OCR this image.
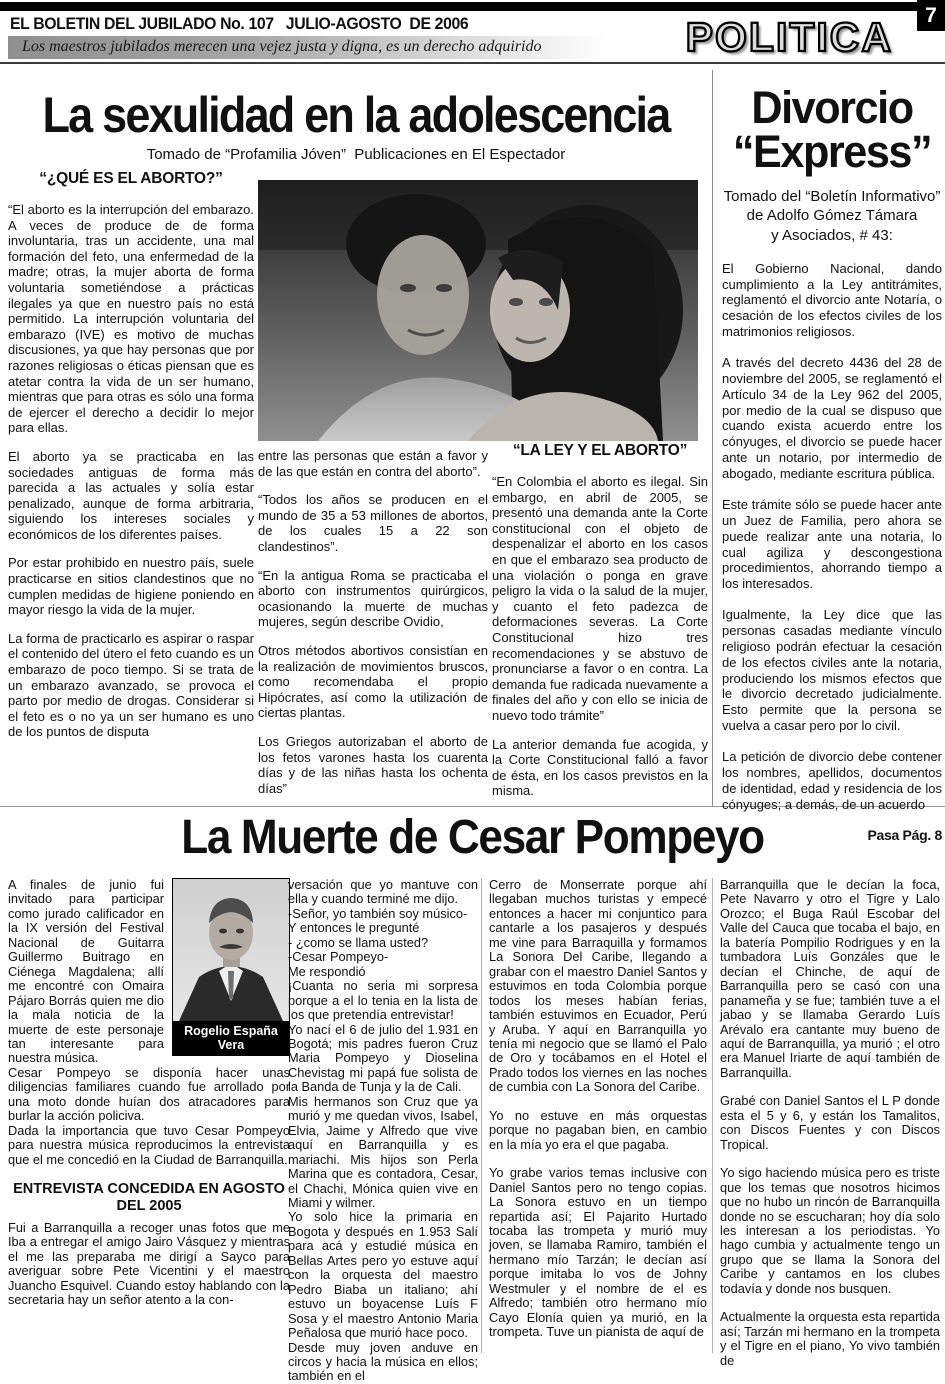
7
EL BOLETIN DEL JUBILADO No. 107   JULIO-AGOSTO  DE 2006
Los maestros jubilados merecen una vejez justa y digna, es un derecho adquirido	POLITICA
La sexulidad en la adolescencia
Tomado de “Profamilia Jóven”  Publicaciones en El Espectador
“¿QUÉ ES EL ABORTO?”

“El aborto es la interrupción del embarazo. A veces de produce de de forma involuntaria, tras un accidente, una mal formación del feto, una enfermedad de la madre; otras, la mujer aborta de forma voluntaria sometiéndose a prácticas ilegales ya que en nuestro país no está permitido. La interrupción voluntaria del embarazo (IVE) es motivo de muchas discusiones, ya que hay personas que por razones religiosas o éticas piensan que es atetar contra la vida de un ser humano, mientras que para otras es sólo una forma de ejercer el derecho a decidir lo mejor para ellas.

El aborto ya se practicaba en las sociedades antiguas de forma más parecida a las actuales y solía estar penalizado, aunque de forma arbitraria, siguiendo los intereses sociales y económicos de los diferentes países.

Por estar prohibido en nuestro país, suele practicarse en sitios clandestinos que no cumplen medidas de higiene poniendo en mayor riesgo la vida de la mujer.

La forma de practicarlo es aspirar o raspar el contenido del útero el feto cuando es un embarazo de poco tiempo. Si se trata de un embarazo avanzado, se provoca el parto por medio de drogas. Considerar si el feto es o no ya un ser humano es uno de los puntos de disputa

entre las personas que están a favor y de las que están en contra del aborto”.

“Todos los años se producen en el mundo de 35 a 53 millones de abortos, de los cuales 15 a 22 son clandestinos”.

“En la antigua Roma se practicaba el aborto con instrumentos quirúrgicos, ocasionando la muerte de muchas mujeres, según describe Ovidio,

Otros métodos abortivos consistían en la realización de movimientos bruscos, como recomendaba el propio Hipócrates, así como la utilización de ciertas plantas.

Los Griegos autorizaban el aborto de los fetos varones hasta los cuarenta días y de las niñas hasta los ochenta días”

“LA LEY Y EL ABORTO”

“En Colombia el aborto es ilegal. Sin embargo, en abril de 2005, se presentó una demanda ante la Corte constitucional con el objeto de despenalizar el aborto en los casos en que el embarazo sea producto de una violación o ponga en grave peligro la vida o la salud de la mujer, y cuanto el feto padezca de deformaciones severas. La Corte Constitucional hizo tres recomendaciones y se abstuvo de pronunciarse a favor o en contra. La demanda fue radicada nuevamente a finales del año y con ello se inicia de nuevo todo trámite”

La anterior demanda fue acogida, y la Corte Constitucional falló a favor de ésta, en los casos previstos en la misma.

Divorcio
“Express”
Tomado del “Boletín Informativo”
de Adolfo Gómez Támara
y Asociados, # 43:

El Gobierno Nacional, dando cumplimiento a la Ley antitrámites, reglamentó el divorcio ante Notaría, o cesación de los efectos civiles de los matrimonios religiosos.

A través del decreto 4436 del 28 de noviembre del 2005, se reglamentó el Artículo 34 de la Ley 962 del 2005, por medio de la cual se dispuso que cuando exista acuerdo entre los cónyuges, el divorcio se puede hacer ante un notario, por intermedio de abogado, mediante escritura pública.

Este trámite sólo se puede hacer ante un Juez de Familia, pero ahora se puede realizar ante una notaria, lo cual agiliza y descongestiona procedimientos, ahorrando tiempo a los interesados.

Igualmente, la Ley dice que las personas casadas mediante vínculo religioso podrán efectuar la cesación de los efectos civiles ante la notaria, produciendo los mismos efectos que le divorcio decretado judicialmente. Esto permite que la persona se vuelva a casar pero por lo civil.

La petición de divorcio debe contener los nombres, apellidos, documentos de identidad, edad y residencia de los cónyuges; a demás, de un acuerdo

Pasa Pág. 8
La Muerte de Cesar Pompeyo
Rogelio España Vera

A finales de junio fui invitado para participar como jurado calificador en la IX versión del Festival Nacional de Guitarra Guillermo Buitrago en Ciénega Magdalena; allí me encontré con Omaira Pájaro Borrás quien me dio la mala noticia de la muerte de este personaje tan interesante para nuestra música.

Cesar Pompeyo se disponía hacer unas diligencias familiares cuando fue arrollado por una moto donde huían dos atracadores para burlar la acción policiva.

Dada la importancia que tuvo Cesar Pompeyo para nuestra música reproducimos la entrevista que el me concedió en la Ciudad de Barranquilla.

ENTREVISTA CONCEDIDA EN AGOSTO DEL 2005

Fui a Barranquilla a recoger unas fotos que me Iba a entregar el amigo Jairo Vásquez y mientras el me las preparaba me dirigí a Sayco para averiguar sobre Pete Vicentini y el maestro Juancho Esquivel. Cuando estoy hablando con la secretaria hay un señor atento a la con-

versación que yo mantuve con ella y cuando terminé me dijo.

-Señor, yo también soy músico-

Y entonces le pregunté

- ¿como se llama usted?

-Cesar Pompeyo-

Me respondió

¡Cuanta no seria mi sorpresa porque a el lo tenia en la lista de los que pretendía entrevistar!

Yo nací el 6 de julio del 1.931 en Bogotá; mis padres fueron Cruz Maria Pompeyo y Dioselina Chevistag mi papá fue solista de la Banda de Tunja y la de Cali.

Mis hermanos son Cruz que ya murió y me quedan vivos, Isabel, Elvia, Jaime y Alfredo que vive aquí en Barranquilla y es mariachi. Mis hijos son Perla Marina que es contadora, Cesar, el Chachi, Mónica quien vive en Miami y wilmer.

Yo solo hice la primaria en Bogota y después en 1.953 Salí para acá y estudié música en Bellas Artes pero yo estuve aquí con la orquesta del maestro Pedro Biaba un italiano; ahí estuvo un boyacense Luís F Sosa y el maestro Antonio Maria Peñalosa que murió hace poco.

Desde muy joven anduve en circos y hacia la música en ellos; también en el

Cerro de Monserrate porque ahí llegaban muchos turistas y empecé entonces a hacer mi conjuntico para cantarle a los pasajeros y después me vine para Barraquilla y formamos La Sonora Del Caribe, llegando a grabar con el maestro Daniel Santos y estuvimos en toda Colombia porque todos los meses habían ferias, también estuvimos en Ecuador, Perú y Aruba. Y aquí en Barranquilla yo tenía mi negocio que se llamó el Palo de Oro y tocábamos en el Hotel el Prado todos los viernes en las noches de cumbia con La Sonora del Caribe.

Yo no estuve en más orquestas porque no pagaban bien, en cambio en la mía yo era el que pagaba.

Yo grabe varios temas inclusive con Daniel Santos pero no tengo copias. La Sonora estuvo en un tiempo repartida así; El Pajarito Hurtado tocaba las trompeta y murió muy joven, se llamaba Ramiro, también el hermano mío Tarzán; le decían así porque imitaba lo vos de Johny Westmuler y el nombre de el es Alfredo; también otro hermano mío Cayo Elonía quien ya murió, en la trompeta. Tuve un pianista de aquí de

Barranquilla que le decían la foca, Pete Navarro y otro el Tigre y Lalo Orozco; el Buga Raúl Escobar del Valle del Cauca que tocaba el bajo, en la batería Pompilio Rodrigues y en la tumbadora Luís Gonzáles que le decían el Chinche, de aquí de Barranquilla pero se casó con una panameña y se fue; también tuve a el jabao y se llamaba Gerardo Luís Arévalo era cantante muy bueno de aquí de Barranquilla, ya murió ; el otro era Manuel Iriarte de aquí también de Barranquilla.

Grabé con Daniel Santos el L P donde esta el 5 y 6, y están los Tamalitos, con Discos Fuentes y con Discos Tropical.

Yo sigo haciendo música pero es triste que los temas que nosotros hicimos que no hubo un rincón de Barranquilla donde no se escucharan; hoy día solo les interesan a los periodistas. Yo hago cumbia y actualmente tengo un grupo que se llama la Sonora del Caribe y cantamos en los clubes todavía y donde nos busquen.

Actualmente la orquesta esta repartida así; Tarzán mi hermano en la trompeta y el Tigre en el piano, Yo vivo también de
